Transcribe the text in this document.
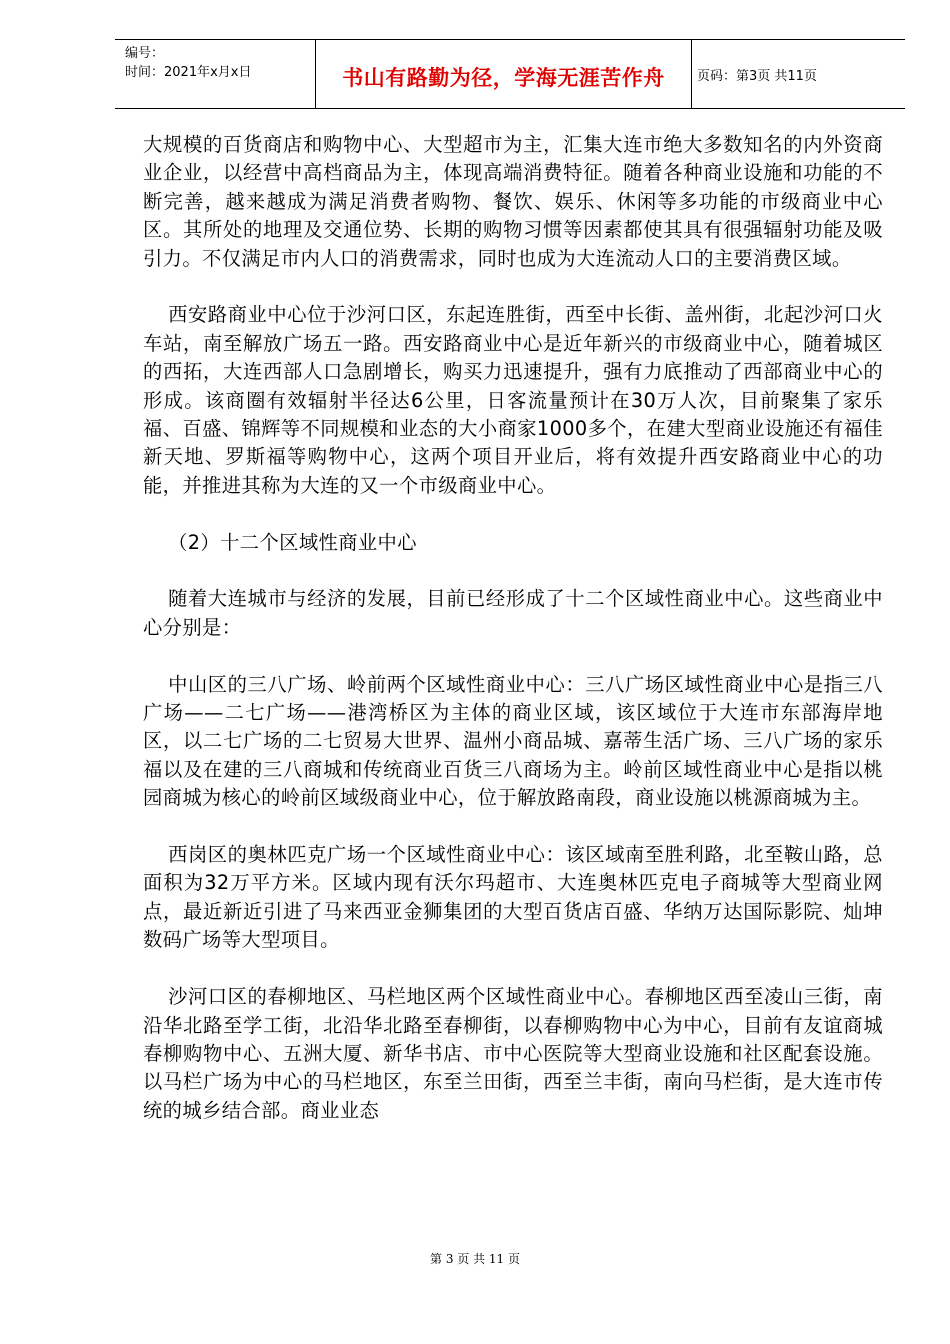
编号：
时间：2021年x月x日	书山有路勤为径，学海无涯苦作舟	页码：第3页 共11页

大规模的百货商店和购物中心、大型超市为主，汇集大连市绝大多数知名的内外资商业企业，以经营中高档商品为主，体现高端消费特征。随着各种商业设施和功能的不断完善，越来越成为满足消费者购物、餐饮、娱乐、休闲等多功能的市级商业中心区。其所处的地理及交通位势、长期的购物习惯等因素都使其具有很强辐射功能及吸引力。不仅满足市内人口的消费需求，同时也成为大连流动人口的主要消费区域。

西安路商业中心位于沙河口区，东起连胜街，西至中长街、盖州街，北起沙河口火车站，南至解放广场五一路。西安路商业中心是近年新兴的市级商业中心，随着城区的西拓，大连西部人口急剧增长，购买力迅速提升，强有力底推动了西部商业中心的形成。该商圈有效辐射半径达6公里，日客流量预计在30万人次，目前聚集了家乐福、百盛、锦辉等不同规模和业态的大小商家1000多个，在建大型商业设施还有福佳新天地、罗斯福等购物中心，这两个项目开业后，将有效提升西安路商业中心的功能，并推进其称为大连的又一个市级商业中心。

（2）十二个区域性商业中心

随着大连城市与经济的发展，目前已经形成了十二个区域性商业中心。这些商业中心分别是：

中山区的三八广场、岭前两个区域性商业中心：三八广场区域性商业中心是指三八广场——二七广场——港湾桥区为主体的商业区域，该区域位于大连市东部海岸地区，以二七广场的二七贸易大世界、温州小商品城、嘉蒂生活广场、三八广场的家乐福以及在建的三八商城和传统商业百货三八商场为主。岭前区域性商业中心是指以桃园商城为核心的岭前区域级商业中心，位于解放路南段，商业设施以桃源商城为主。

西岗区的奥林匹克广场一个区域性商业中心：该区域南至胜利路，北至鞍山路，总面积为32万平方米。区域内现有沃尔玛超市、大连奥林匹克电子商城等大型商业网点，最近新近引进了马来西亚金狮集团的大型百货店百盛、华纳万达国际影院、灿坤数码广场等大型项目。

沙河口区的春柳地区、马栏地区两个区域性商业中心。春柳地区西至凌山三街，南沿华北路至学工街，北沿华北路至春柳街，以春柳购物中心为中心，目前有友谊商城春柳购物中心、五洲大厦、新华书店、市中心医院等大型商业设施和社区配套设施。以马栏广场为中心的马栏地区，东至兰田街，西至兰丰街，南向马栏街，是大连市传统的城乡结合部。商业业态

第 3 页 共 11 页
